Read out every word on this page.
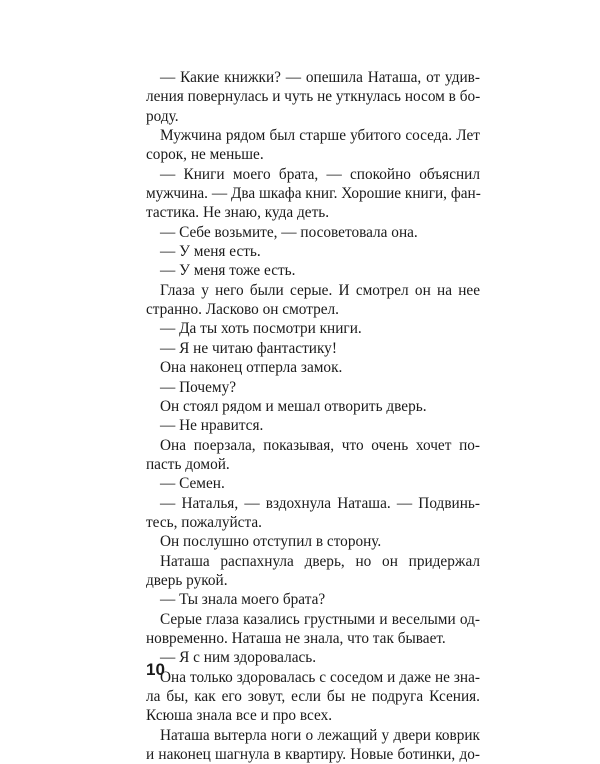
— Какие книжки? — опешила Наташа, от удив-
ления повернулась и чуть не уткнулась носом в бо-
роду.
Мужчина рядом был старше убитого соседа. Лет
сорок, не меньше.
— Книги моего брата, — спокойно объяснил
мужчина. — Два шкафа книг. Хорошие книги, фан-
тастика. Не знаю, куда деть.
— Себе возьмите, — посоветовала она.
— У меня есть.
— У меня тоже есть.
Глаза у него были серые. И смотрел он на нее
странно. Ласково он смотрел.
— Да ты хоть посмотри книги.
— Я не читаю фантастику!
Она наконец отперла замок.
— Почему?
Он стоял рядом и мешал отворить дверь.
— Не нравится.
Она поерзала, показывая, что очень хочет по-
пасть домой.
— Семен.
— Наталья, — вздохнула Наташа. — Подвинь-
тесь, пожалуйста.
Он послушно отступил в сторону.
Наташа распахнула дверь, но он придержал
дверь рукой.
— Ты знала моего брата?
Серые глаза казались грустными и веселыми од-
новременно. Наташа не знала, что так бывает.
— Я с ним здоровалась.
Она только здоровалась с соседом и даже не зна-
ла бы, как его зовут, если бы не подруга Ксения.
Ксюша знала все и про всех.
Наташа вытерла ноги о лежащий у двери коврик
и наконец шагнула в квартиру. Новые ботинки, до-
10
